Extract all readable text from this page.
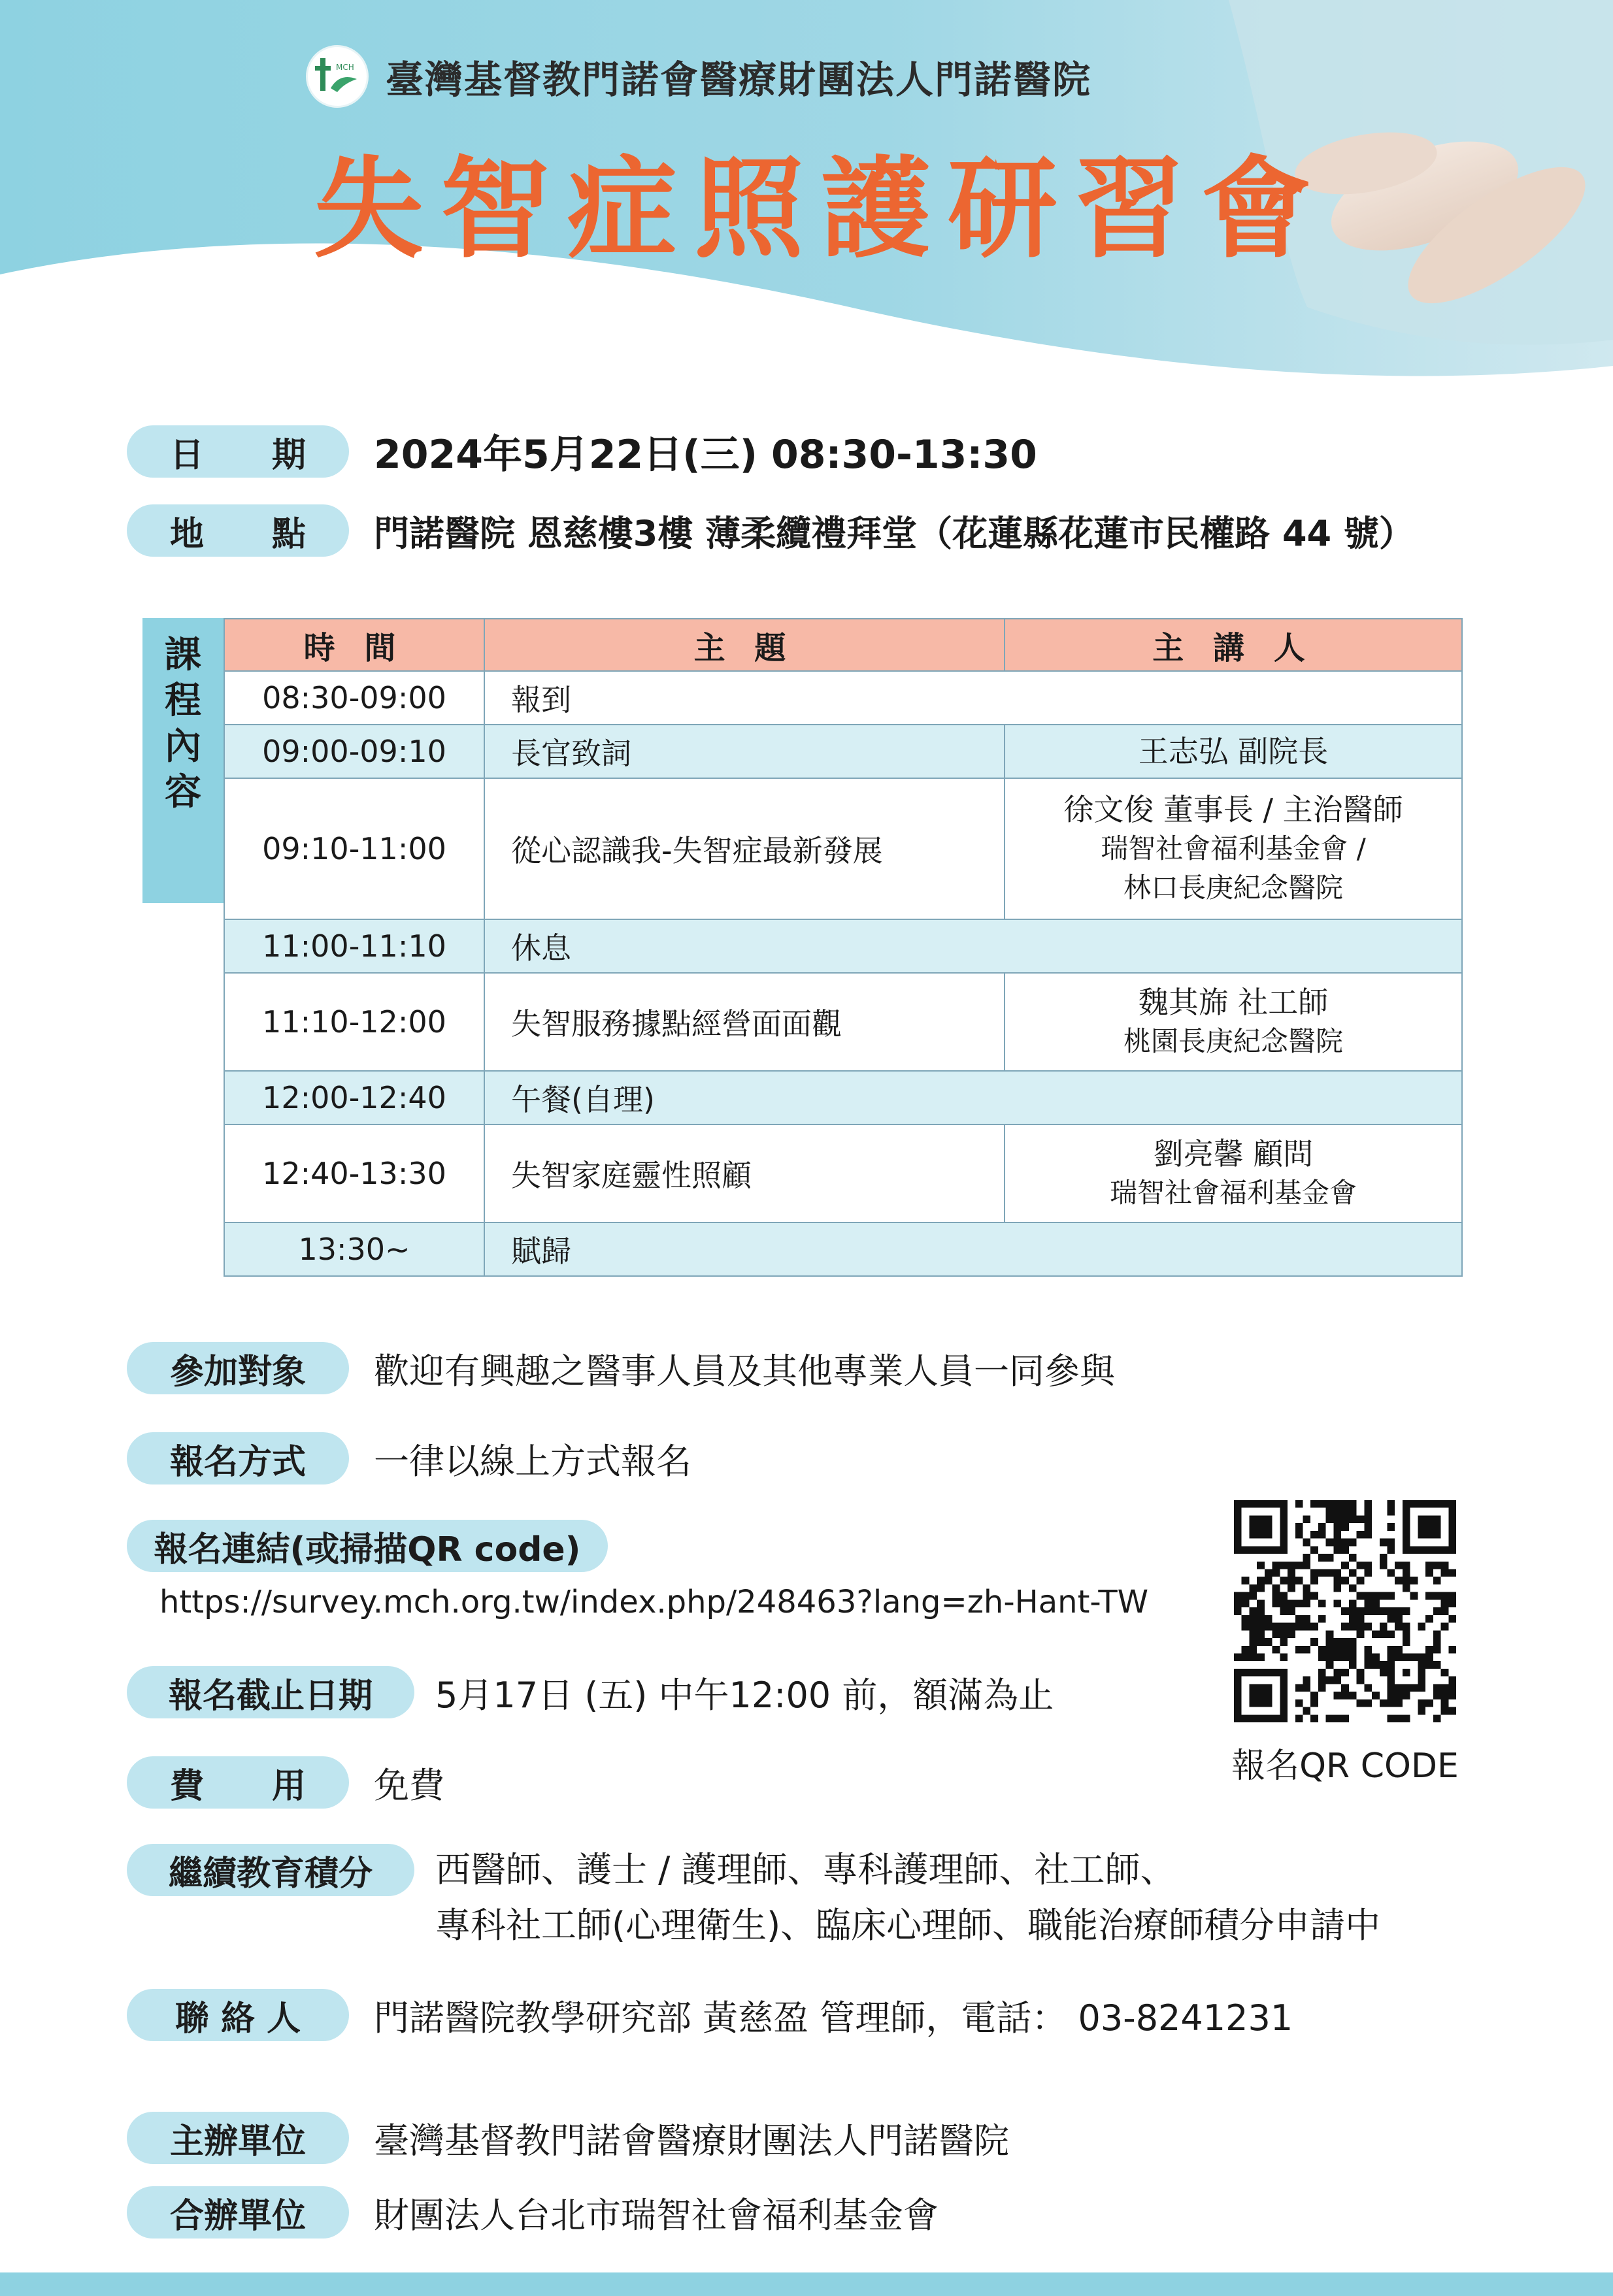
MCH 臺灣基督教門諾會醫療財團法人門諾醫院
失智症照護研習會
日　　期	2024年5月22日(三) 08:30-13:30
地　　點	門諾醫院 恩慈樓3樓 薄柔纜禮拜堂（花蓮縣花蓮市民權路 44 號）
課
程
內
容
時 間	主 題	主 講 人
08:30-09:00	報到	
09:00-09:10	長官致詞	王志弘 副院長
09:10-11:00	從心認識我-失智症最新發展	徐文俊 董事長 / 主治醫師
瑞智社會福利基金會 /
林口長庚紀念醫院

11:00-11:10	休息	
11:10-12:00	失智服務據點經營面面觀	魏其旆 社工師
桃園長庚紀念醫院

12:00-12:40	午餐(自理)	
12:40-13:30	失智家庭靈性照顧	劉亮馨 顧問
瑞智社會福利基金會

13:30~	賦歸	
參加對象	歡迎有興趣之醫事人員及其他專業人員一同參與
報名方式	一律以線上方式報名
報名連結(或掃描QR code)
https://survey.mch.org.tw/index.php/248463?lang=zh-Hant-TW
報名截止日期	5月17日 (五) 中午12:00 前，額滿為止
費　　用	免費
繼續教育積分	西醫師、護士 / 護理師、專科護理師、社工師、
專科社工師(心理衛生)、臨床心理師、職能治療師積分申請中
聯 絡 人	門諾醫院教學研究部 黃慈盈 管理師，電話： 03-8241231
主辦單位	臺灣基督教門諾會醫療財團法人門諾醫院
合辦單位	財團法人台北市瑞智社會福利基金會
報名QR CODE
